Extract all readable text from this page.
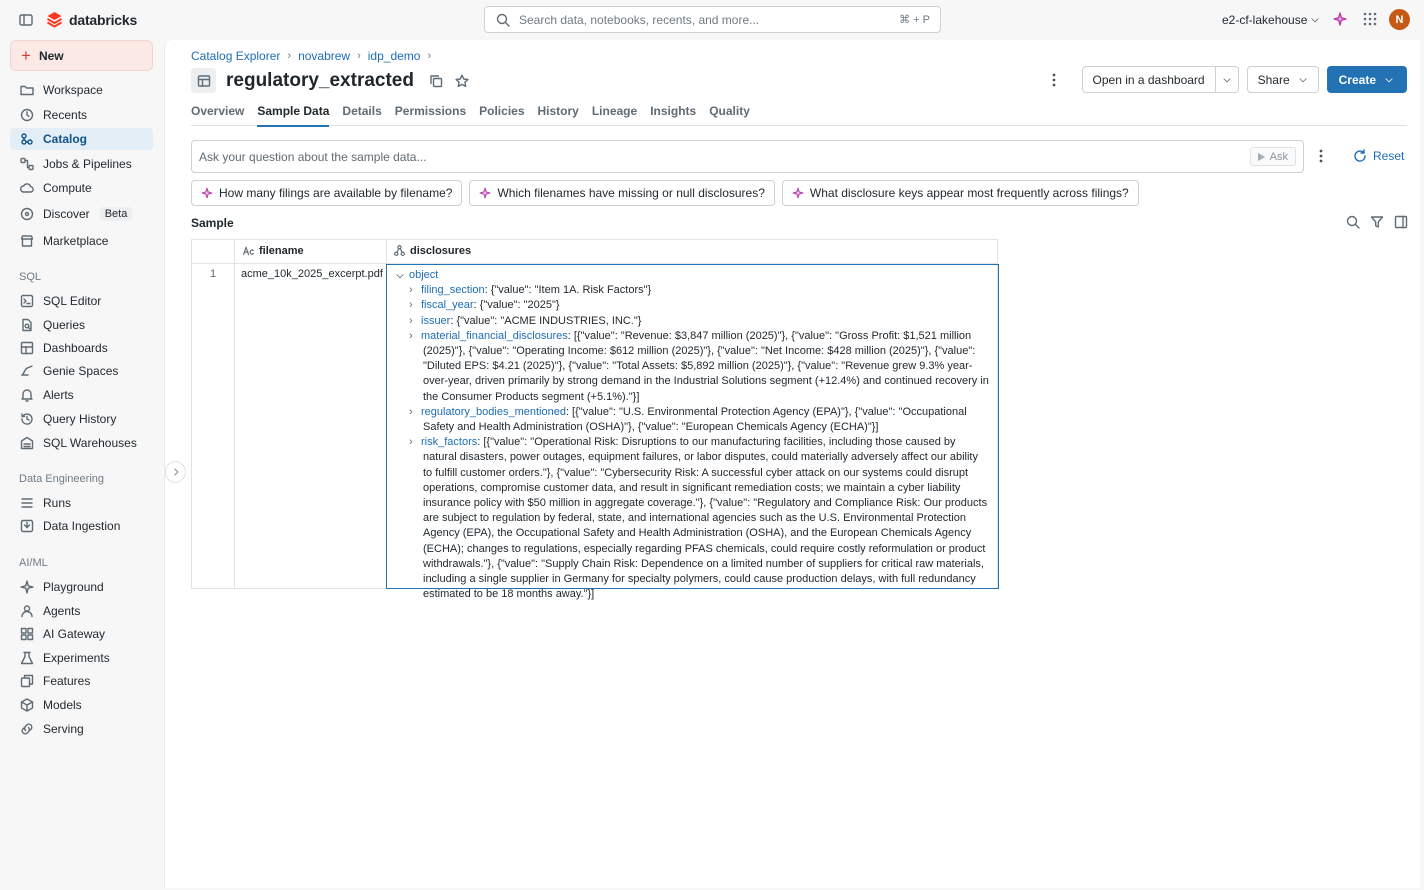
databricks	Search data, notebooks, recents, and more...	⌘ + P	e2-cf-lakehouse	N
+ New
Workspace
Recents
Catalog
Jobs & Pipelines
Compute
Discover	Beta
Marketplace
SQL
SQL Editor
Queries
Dashboards
Genie Spaces
Alerts
Query History
SQL Warehouses
Data Engineering
Runs
Data Ingestion
AI/ML
Playground
Agents
AI Gateway
Experiments
Features
Models
Serving
Catalog Explorer › novabrew › idp_demo ›
regulatory_extracted	Open in a dashboard	Share	Create
Overview Sample Data Details Permissions Policies History Lineage Insights Quality
Ask your question about the sample data...	Ask	Reset
How many filings are available by filename?	Which filenames have missing or null disclosures?	What disclosure keys appear most frequently across filings?
Sample
filename	disclosures
1	acme_10k_2025_excerpt.pdf object
› filing_section: {"value": "Item 1A. Risk Factors"}
› fiscal_year: {"value": "2025"}
› issuer: {"value": "ACME INDUSTRIES, INC."}
› material_financial_disclosures: [{"value": "Revenue: $3,847 million (2025)"}, {"value": "Gross Profit: $1,521 million (2025)"}, {"value": "Operating Income: $612 million (2025)"}, {"value": "Net Income: $428 million (2025)"}, {"value": "Diluted EPS: $4.21 (2025)"}, {"value": "Total Assets: $5,892 million (2025)"}, {"value": "Revenue grew 9.3% year-over-year, driven primarily by strong demand in the Industrial Solutions segment (+12.4%) and continued recovery in the Consumer Products segment (+5.1%)."}]
› regulatory_bodies_mentioned: [{"value": "U.S. Environmental Protection Agency (EPA)"}, {"value": "Occupational Safety and Health Administration (OSHA)"}, {"value": "European Chemicals Agency (ECHA)"}]
› risk_factors: [{"value": "Operational Risk: Disruptions to our manufacturing facilities, including those caused by natural disasters, power outages, equipment failures, or labor disputes, could materially adversely affect our ability to fulfill customer orders."}, {"value": "Cybersecurity Risk: A successful cyber attack on our systems could disrupt operations, compromise customer data, and result in significant remediation costs; we maintain a cyber liability insurance policy with $50 million in aggregate coverage."}, {"value": "Regulatory and Compliance Risk: Our products are subject to regulation by federal, state, and international agencies such as the U.S. Environmental Protection Agency (EPA), the Occupational Safety and Health Administration (OSHA), and the European Chemicals Agency (ECHA); changes to regulations, especially regarding PFAS chemicals, could require costly reformulation or product withdrawals."}, {"value": "Supply Chain Risk: Dependence on a limited number of suppliers for critical raw materials, including a single supplier in Germany for specialty polymers, could cause production delays, with full redundancy estimated to be 18 months away."}]
